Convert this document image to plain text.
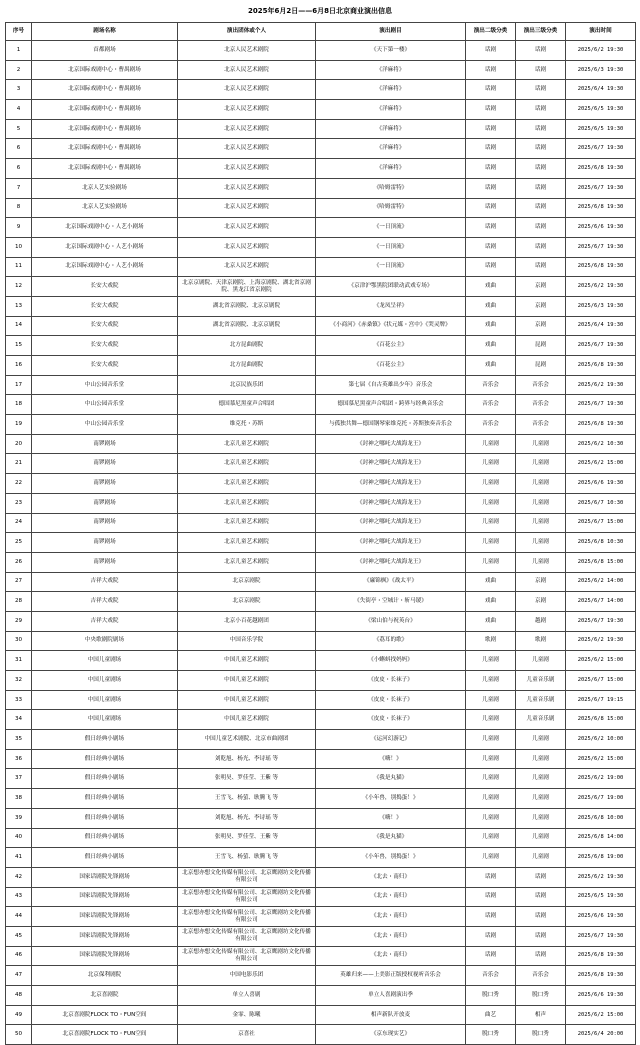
2025年6月2日——6月8日北京商业演出信息
序号	剧场名称	演出团体或个人	演出剧目	演出二级分类	演出三级分类	演出时间
1	首都剧场	北京人民艺术剧院	《天下第一楼》	话剧	话剧	2025/6/2 19:30
2	北京国际戏剧中心・曹禺剧场	北京人民艺术剧院	《洋麻将》	话剧	话剧	2025/6/3 19:30
3	北京国际戏剧中心・曹禺剧场	北京人民艺术剧院	《洋麻将》	话剧	话剧	2025/6/4 19:30
4	北京国际戏剧中心・曹禺剧场	北京人民艺术剧院	《洋麻将》	话剧	话剧	2025/6/5 19:30
5	北京国际戏剧中心・曹禺剧场	北京人民艺术剧院	《洋麻将》	话剧	话剧	2025/6/5 19:30
6	北京国际戏剧中心・曹禺剧场	北京人民艺术剧院	《洋麻将》	话剧	话剧	2025/6/7 19:30
6	北京国际戏剧中心・曹禺剧场	北京人民艺术剧院	《洋麻将》	话剧	话剧	2025/6/8 19:30
7	北京人艺实验剧场	北京人民艺术剧院	《哈姆雷特》	话剧	话剧	2025/6/7 19:30
8	北京人艺实验剧场	北京人民艺术剧院	《哈姆雷特》	话剧	话剧	2025/6/8 19:30
9	北京国际戏剧中心・人艺小剧场	北京人民艺术剧院	《一日顶流》	话剧	话剧	2025/6/6 19:30
10	北京国际戏剧中心・人艺小剧场	北京人民艺术剧院	《一日顶流》	话剧	话剧	2025/6/7 19:30
11	北京国际戏剧中心・人艺小剧场	北京人民艺术剧院	《一日顶流》	话剧	话剧	2025/6/8 19:30
12	长安大戏院	北京京剧院、天津京剧院、上海京剧院、湖北省京剧院、黑龙江省京剧院	《京津沪鄂黑院团联动武戏专场》	戏曲	京剧	2025/6/2 19:30
13	长安大戏院	湖北省京剧院、北京京剧院	《龙凤呈祥》	戏曲	京剧	2025/6/3 19:30
14	长安大戏院	湖北省京剧院、北京京剧院	《小商河》《赤桑镇》《状元媒・宫中》《哭灵牌》	戏曲	京剧	2025/6/4 19:30
15	长安大戏院	北方昆曲剧院	《百花公主》	戏曲	昆剧	2025/6/7 19:30
16	长安大戏院	北方昆曲剧院	《百花公主》	戏曲	昆剧	2025/6/8 19:30
17	中山公园音乐堂	北京民族乐团	第七届《自古英雄出少年》音乐会	音乐会	音乐会	2025/6/2 19:30
18	中山公园音乐堂	德国慕尼黑童声合唱团	德国慕尼黑童声合唱团・跨界与经典音乐会	音乐会	音乐会	2025/6/7 19:30
19	中山公园音乐堂	维克托・苏斯	与孤独共舞—德国钢琴家维克托・苏斯独奏音乐会	音乐会	音乐会	2025/6/8 19:30
20	南锣剧场	北京儿童艺术剧院	《封神之哪吒大战海龙王》	儿童剧	儿童剧	2025/6/2 10:30
21	南锣剧场	北京儿童艺术剧院	《封神之哪吒大战海龙王》	儿童剧	儿童剧	2025/6/2 15:00
22	南锣剧场	北京儿童艺术剧院	《封神之哪吒大战海龙王》	儿童剧	儿童剧	2025/6/6 19:30
23	南锣剧场	北京儿童艺术剧院	《封神之哪吒大战海龙王》	儿童剧	儿童剧	2025/6/7 10:30
24	南锣剧场	北京儿童艺术剧院	《封神之哪吒大战海龙王》	儿童剧	儿童剧	2025/6/7 15:00
25	南锣剧场	北京儿童艺术剧院	《封神之哪吒大战海龙王》	儿童剧	儿童剧	2025/6/8 10:30
26	南锣剧场	北京儿童艺术剧院	《封神之哪吒大战海龙王》	儿童剧	儿童剧	2025/6/8 15:00
27	吉祥大戏院	北京京剧院	《廉锦枫》《战太平》	戏曲	京剧	2025/6/2 14:00
28	吉祥大戏院	北京京剧院	《失街亭・空城计・斩马谡》	戏曲	京剧	2025/6/7 14:00
29	吉祥大戏院	北京小百花越剧团	《梁山伯与祝英台》	戏曲	越剧	2025/6/7 19:30
30	中央歌剧院剧场	中国音乐学院	《荔耳的歌》	歌剧	歌剧	2025/6/2 19:30
31	中国儿童剧场	中国儿童艺术剧院	《小蝌蚪找妈妈》	儿童剧	儿童剧	2025/6/2 15:00
32	中国儿童剧场	中国儿童艺术剧院	《皮皮・长袜子》	儿童剧	儿童音乐剧	2025/6/7 15:00
33	中国儿童剧场	中国儿童艺术剧院	《皮皮・长袜子》	儿童剧	儿童音乐剧	2025/6/7 19:15
34	中国儿童剧场	中国儿童艺术剧院	《皮皮・长袜子》	儿童剧	儿童音乐剧	2025/6/8 15:00
35	假日经典小剧场	中国儿童艺术剧院、北京市曲剧团	《运河幻游记》	儿童剧	儿童剧	2025/6/2 10:00
36	假日经典小剧场	刘乾旭、杨光、李诗瑶 等	《嗨！》	儿童剧	儿童剧	2025/6/2 15:00
37	假日经典小剧场	张明昊、罗佳莹、王紫 等	《我是丸猫》	儿童剧	儿童剧	2025/6/2 19:00
38	假日经典小剧场	王雪飞、杨萤、耿腾飞 等	《小年兽，别捣蛋！》	儿童剧	儿童剧	2025/6/7 19:00
39	假日经典小剧场	刘乾旭、杨光、李诗瑶 等	《嗨！》	儿童剧	儿童剧	2025/6/8 10:00
40	假日经典小剧场	张明昊、罗佳莹、王紫 等	《我是丸猫》	儿童剧	儿童剧	2025/6/8 14:00
41	假日经典小剧场	王雪飞、杨萤、耿腾飞 等	《小年兽，别捣蛋！》	儿童剧	儿童剧	2025/6/8 19:00
42	国家话剧院先锋剧场	北京想亦想文化传媒有限公司、北京鹰剧坊文化传播有限公司	《北去・南归》	话剧	话剧	2025/6/2 19:30
43	国家话剧院先锋剧场	北京想亦想文化传媒有限公司、北京鹰剧坊文化传播有限公司	《北去・南归》	话剧	话剧	2025/6/5 19:30
44	国家话剧院先锋剧场	北京想亦想文化传媒有限公司、北京鹰剧坊文化传播有限公司	《北去・南归》	话剧	话剧	2025/6/6 19:30
45	国家话剧院先锋剧场	北京想亦想文化传媒有限公司、北京鹰剧坊文化传播有限公司	《北去・南归》	话剧	话剧	2025/6/7 19:30
46	国家话剧院先锋剧场	北京想亦想文化传媒有限公司、北京鹰剧坊文化传播有限公司	《北去・南归》	话剧	话剧	2025/6/8 19:30
47	北京保利剧院	中国电影乐团	英雄归来——上美影正版授权视听音乐会	音乐会	音乐会	2025/6/8 19:30
48	北京喜剧院	单立人喜剧	单立人喜剧演出季	脱口秀	脱口秀	2025/6/6 19:30
49	北京喜剧院FLOCK TO・FUN空间	金霏、陈曦	相声新队开放麦	曲艺	相声	2025/6/2 15:00
50	北京喜剧院FLOCK TO・FUN空间	京喜社	《京东现实艺》	脱口秀	脱口秀	2025/6/4 20:00
